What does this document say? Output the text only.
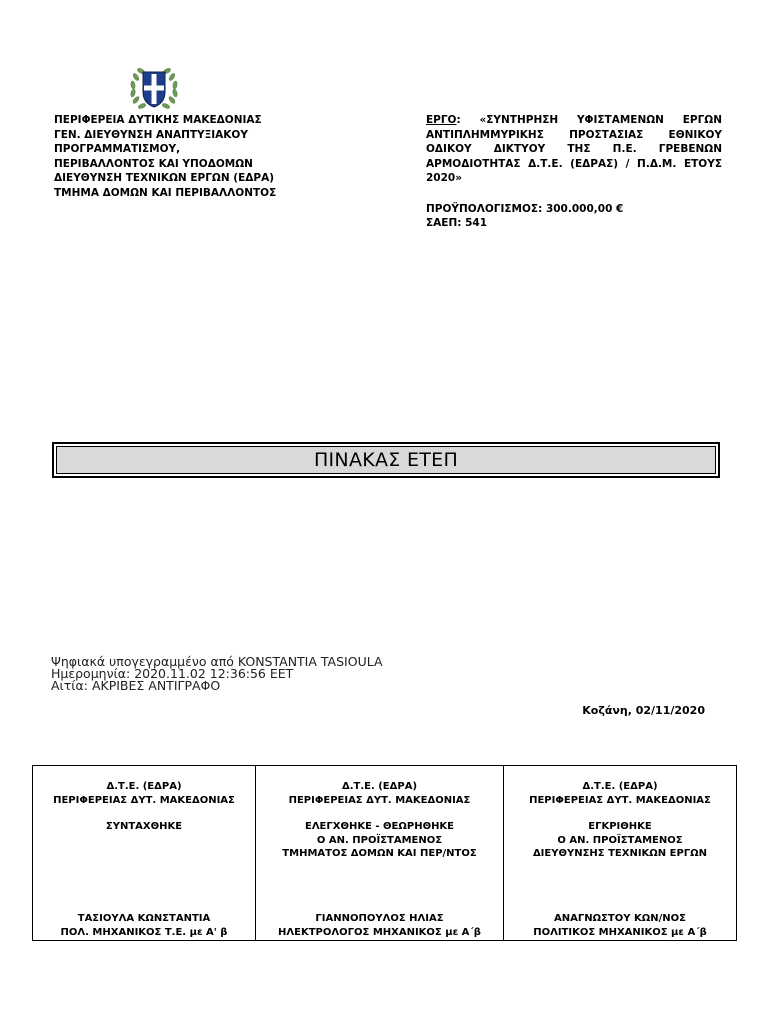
ΠΕΡΙΦΕΡΕΙΑ ΔΥΤΙΚΗΣ ΜΑΚΕΔΟΝΙΑΣ
ΓΕΝ. ΔΙΕΥΘΥΝΣΗ ΑΝΑΠΤΥΞΙΑΚΟΥ
ΠΡΟΓΡΑΜΜΑΤΙΣΜΟΥ,
ΠΕΡΙΒΑΛΛΟΝΤΟΣ ΚΑΙ ΥΠΟΔΟΜΩΝ
ΔΙΕΥΘΥΝΣΗ ΤΕΧΝΙΚΩΝ ΕΡΓΩΝ (ΕΔΡΑ)
ΤΜΗΜΑ ΔΟΜΩΝ ΚΑΙ ΠΕΡΙΒΑΛΛΟΝΤΟΣ
ΕΡΓΟ: «ΣΥΝΤΗΡΗΣΗ ΥΦΙΣΤΑΜΕΝΩΝ ΕΡΓΩΝ ΑΝΤΙΠΛΗΜΜΥΡΙΚΗΣ ΠΡΟΣΤΑΣΙΑΣ ΕΘΝΙΚΟΥ ΟΔΙΚΟΥ ΔΙΚΤΥΟΥ ΤΗΣ Π.Ε. ΓΡΕΒΕΝΩΝ ΑΡΜΟΔΙΟΤΗΤΑΣ Δ.Τ.Ε. (ΕΔΡΑΣ) / Π.Δ.Μ. ΕΤΟΥΣ 2020»
ΠΡΟΫΠΟΛΟΓΙΣΜΟΣ: 300.000,00 €
ΣΑΕΠ: 541
ΠΙΝΑΚΑΣ ΕΤΕΠ
Ψηφιακά υπογεγραμμένο από KONSTANTIA TASIOULA
Ημερομηνία: 2020.11.02 12:36:56 EET
Αιτία: ΑΚΡΙΒΕΣ ΑΝΤΙΓΡΑΦΟ
Κοζάνη, 02/11/2020
Δ.Τ.Ε. (ΕΔΡΑ)
ΠΕΡΙΦΕΡΕΙΑΣ ΔΥΤ. ΜΑΚΕΔΟΝΙΑΣ
ΣΥΝΤΑΧΘΗΚΕ
ΤΑΣΙΟΥΛΑ ΚΩΝΣΤΑΝΤΙΑ
ΠΟΛ. ΜΗΧΑΝΙΚΟΣ Τ.Ε. με Α' β
Δ.Τ.Ε. (ΕΔΡΑ)
ΠΕΡΙΦΕΡΕΙΑΣ ΔΥΤ. ΜΑΚΕΔΟΝΙΑΣ
ΕΛΕΓΧΘΗΚΕ - ΘΕΩΡΗΘΗΚΕ
Ο ΑΝ. ΠΡΟΪΣΤΑΜΕΝΟΣ
ΤΜΗΜΑΤΟΣ ΔΟΜΩΝ ΚΑΙ ΠΕΡ/ΝΤΟΣ
ΓΙΑΝΝΟΠΟΥΛΟΣ ΗΛΙΑΣ
ΗΛΕΚΤΡΟΛΟΓΟΣ ΜΗΧΑΝΙΚΟΣ με Α΄β
Δ.Τ.Ε. (ΕΔΡΑ)
ΠΕΡΙΦΕΡΕΙΑΣ ΔΥΤ. ΜΑΚΕΔΟΝΙΑΣ
ΕΓΚΡΙΘΗΚΕ
Ο ΑΝ. ΠΡΟΪΣΤΑΜΕΝΟΣ
ΔΙΕΥΘΥΝΣΗΣ ΤΕΧΝΙΚΩΝ ΕΡΓΩΝ
ΑΝΑΓΝΩΣΤΟΥ ΚΩΝ/ΝΟΣ
ΠΟΛΙΤΙΚΟΣ ΜΗΧΑΝΙΚΟΣ με Α΄β
